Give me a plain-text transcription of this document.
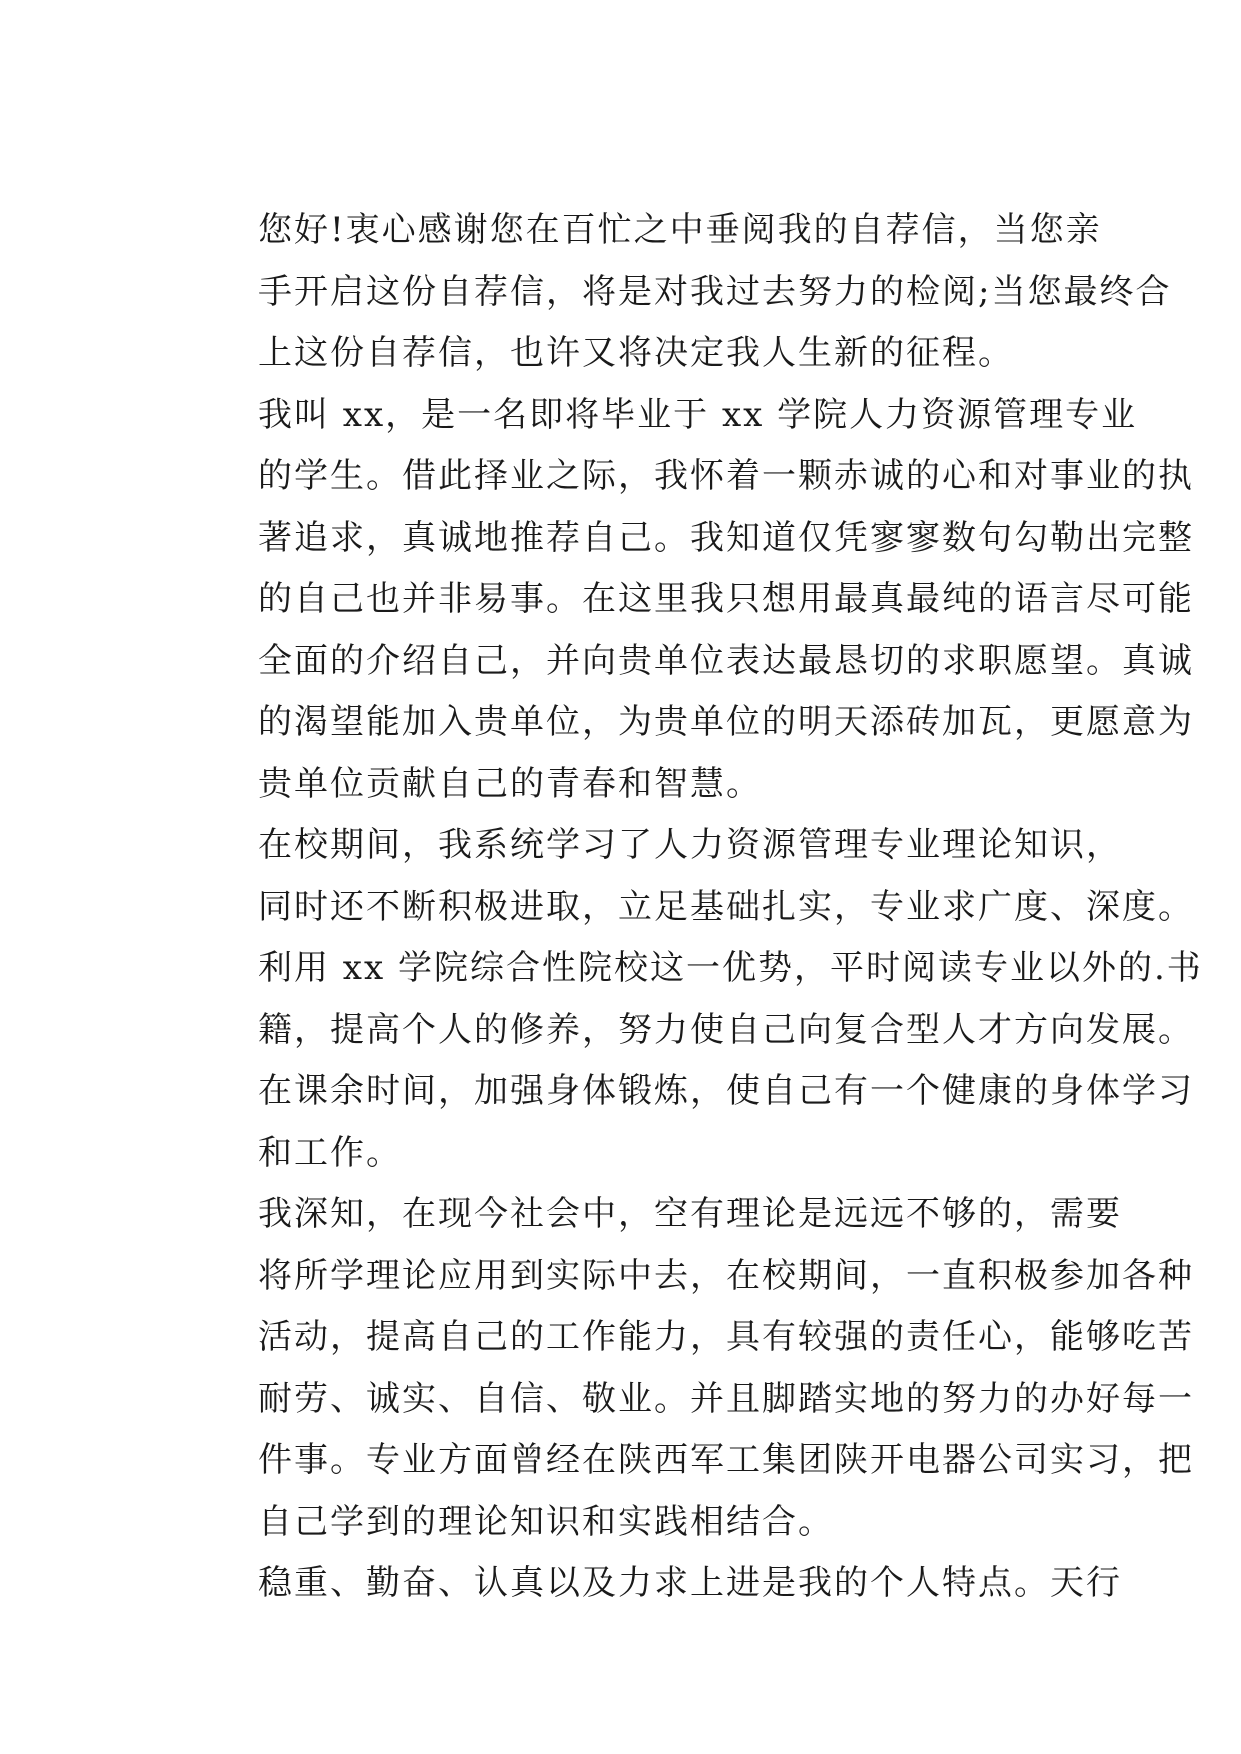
您好!衷心感谢您在百忙之中垂阅我的自荐信，当您亲
手开启这份自荐信，将是对我过去努力的检阅;当您最终合
上这份自荐信，也许又将决定我人生新的征程。

我叫 xx，是一名即将毕业于 xx 学院人力资源管理专业
的学生。借此择业之际，我怀着一颗赤诚的心和对事业的执
著追求，真诚地推荐自己。我知道仅凭寥寥数句勾勒出完整
的自己也并非易事。在这里我只想用最真最纯的语言尽可能
全面的介绍自己，并向贵单位表达最恳切的求职愿望。真诚
的渴望能加入贵单位，为贵单位的明天添砖加瓦，更愿意为
贵单位贡献自己的青春和智慧。

在校期间，我系统学习了人力资源管理专业理论知识，
同时还不断积极进取，立足基础扎实，专业求广度、深度。
利用 xx 学院综合性院校这一优势，平时阅读专业以外的.书
籍，提高个人的修养，努力使自己向复合型人才方向发展。
在课余时间，加强身体锻炼，使自己有一个健康的身体学习
和工作。

我深知，在现今社会中，空有理论是远远不够的，需要
将所学理论应用到实际中去，在校期间，一直积极参加各种
活动，提高自己的工作能力，具有较强的责任心，能够吃苦
耐劳、诚实、自信、敬业。并且脚踏实地的努力的办好每一
件事。专业方面曾经在陕西军工集团陕开电器公司实习，把
自己学到的理论知识和实践相结合。

稳重、勤奋、认真以及力求上进是我的个人特点。天行
